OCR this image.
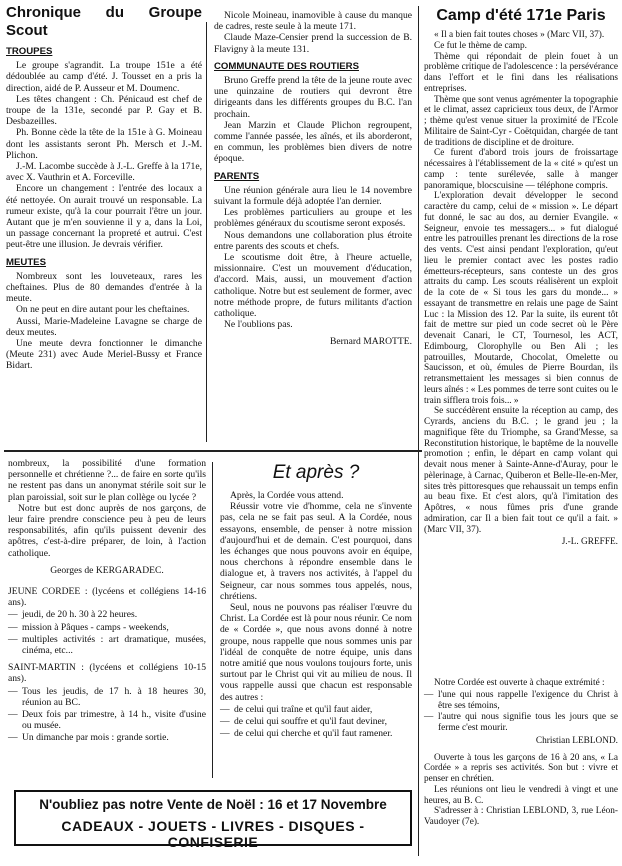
Chronique du Groupe Scout
TROUPES

Le groupe s'agrandit. La troupe 151e a été dédoublée au camp d'été. J. Tousset en a pris la direction, aidé de P. Ausseur et M. Doumenc.

Les têtes changent : Ch. Pénicaud est chef de troupe de la 131e, secondé par P. Gay et B. Desbazeilles.

Ph. Bonne cède la tête de la 151e à G. Moineau dont les assistants seront Ph. Mersch et J.-M. Plichon.

J.-M. Lacombe succède à J.-L. Greffe à la 171e, avec X. Vauthrin et A. Forceville.

Encore un changement : l'entrée des locaux a été nettoyée. On aurait trouvé un responsable. La rumeur existe, qu'à la cour pourrait l'être un jour. Autant que je m'en souvienne il y a, dans la Loi, un passage concernant la propreté et autrui. C'est peut-être une illusion. Je devrais vérifier.

MEUTES

Nombreux sont les louveteaux, rares les cheftaines. Plus de 80 demandes d'entrée à la meute.

On ne peut en dire autant pour les cheftaines.

Aussi, Marie-Madeleine Lavagne se charge de deux meutes.

Une meute devra fonctionner le dimanche (Meute 231) avec Aude Meriel-Bussy et France Bidart.

Nicole Moineau, inamovible à cause du manque de cadres, reste seule à la meute 171.

Claude Maze-Censier prend la succession de B. Flavigny à la meute 131.

COMMUNAUTE DES ROUTIERS

Bruno Greffe prend la tête de la jeune route avec une quinzaine de routiers qui devront être dirigeants dans les différents groupes du B.C. l'an prochain.

Jean Marzin et Claude Plichon regroupent, comme l'année passée, les aînés, et ils aborderont, en commun, les problèmes bien divers de notre époque.

PARENTS

Une réunion générale aura lieu le 14 novembre suivant la formule déjà adoptée l'an dernier.

Les problèmes particuliers au groupe et les problèmes généraux du scoutisme seront exposés.

Nous demandons une collaboration plus étroite entre parents des scouts et chefs.

Le scoutisme doit être, à l'heure actuelle, missionnaire. C'est un mouvement d'éducation, d'accord. Mais, aussi, un mouvement d'action catholique. Notre but est seulement de former, avec notre méthode propre, de futurs militants d'action catholique.

Ne l'oublions pas.

Bernard MAROTTE.
Camp d'été 171e Paris

« Il a bien fait toutes choses » (Marc VII, 37).

Ce fut le thème de camp.

Thème qui répondait de plein fouet à un problème critique de l'adolescence : la persévérance dans l'effort et le fini dans les réalisations entreprises.

Thème que sont venus agrémenter la topographie et le climat, assez capricieux tous deux, de l'Armor ; thème qu'est venue situer la proximité de l'Ecole Militaire de Saint-Cyr - Coëtquidan, chargée de tant de traditions de discipline et de droiture.

Ce furent d'abord trois jours de froissartage nécessaires à l'établissement de la « cité » qu'est un camp : tente surélevée, salle à manger panoramique, blocscuisine — téléphone compris.

L'exploration devait développer le second caractère du camp, celui de « mission ». Le départ fut donné, le sac au dos, au dernier Evangile. « Seigneur, envoie tes messagers... » fut dialogué entre les patrouilles prenant les directions de la rose des vents. C'est ainsi pendant l'exploration, qu'eut lieu le premier contact avec les postes radio émetteurs-récepteurs, sans conteste un des gros attraits du camp. Les scouts réalisèrent un exploit de la cote de « Si tous les gars du monde... » essayant de transmettre en relais une page de Saint Luc : la Mission des 12. Par la suite, ils eurent tôt fait de mettre sur pied un code secret où le Père devenait Canari, le CT, Tournesol, les ACT, Edimbourg, Clorophylle ou Ben Ali ; les patrouilles, Moutarde, Chocolat, Omelette ou Saucisson, et où, émules de Pierre Bourdan, ils retransmettaient les messages si bien connus de leurs aînés : « Les pommes de terre sont cuites ou le train sifflera trois fois... »

Se succédèrent ensuite la réception au camp, des Cyrards, anciens du B.C. ; le grand jeu ; la magnifique fête du Triomphe, sa Grand'Messe, sa Reconstitution historique, le baptême de la nouvelle promotion ; enfin, le départ en camp volant qui devait nous mener à Sainte-Anne-d'Auray, pour le pèlerinage, à Carnac, Quiberon et Belle-Ile-en-Mer, sites très pittoresques que rehaussait un temps enfin au beau fixe. Et c'est alors, qu'à l'imitation des Apôtres, « nous fûmes pris d'une grande admiration, car Il a bien fait tout ce qu'il a fait. » (Marc VII, 37).

J.-L. GREFFE.

nombreux, la possibilité d'une formation personnelle et chrétienne ?... de faire en sorte qu'ils ne restent pas dans un anonymat stérile soit sur le plan paroissial, soit sur le plan collège ou lycée ?

Notre but est donc auprès de nos garçons, de leur faire prendre conscience peu à peu de leurs responsabilités, afin qu'ils puissent devenir des apôtres, c'est-à-dire préparer, de loin, à l'action catholique.

Georges de KERGARADEC.
JEUNE CORDEE : (lycéens et collégiens 14-16 ans).
— jeudi, de 20 h. 30 à 22 heures.
— mission à Pâques - camps - weekends,
— multiples activités : art dramatique, musées, cinéma, etc...
SAINT-MARTIN : (lycéens et collégiens 10-15 ans).
— Tous les jeudis, de 17 h. à 18 heures 30, réunion au BC.
— Deux fois par trimestre, à 14 h., visite d'usine ou musée.
— Un dimanche par mois : grande sortie.
Et après ?

Après, la Cordée vous attend.

Réussir votre vie d'homme, cela ne s'invente pas, cela ne se fait pas seul. A la Cordée, nous essayons, ensemble, de penser à notre mission d'aujourd'hui et de demain. C'est pourquoi, dans les échanges que nous pouvons avoir en équipe, nous cherchons à répondre ensemble dans le dialogue et, à travers nos activités, à l'appel du Seigneur, car nous sommes tous appelés, nous, chrétiens.

Seul, nous ne pouvons pas réaliser l'œuvre du Christ. La Cordée est là pour nous réunir. Ce nom de « Cordée », que nous avons donné à notre groupe, nous rappelle que nous sommes unis par l'idéal de conquête de notre équipe, unis dans notre amitié que nous voulons toujours forte, unis surtout par le Christ qui vit au milieu de nous. Il vous rappelle aussi que chacun est responsable des autres :

— de celui qui traîne et qu'il faut aider,
— de celui qui souffre et qu'il faut deviner,
— de celui qui cherche et qu'il faut ramener.

Notre Cordée est ouverte à chaque extrémité :

— l'une qui nous rappelle l'exigence du Christ à être ses témoins,
— l'autre qui nous signifie tous les jours que se ferme c'est mourir.
Christian LEBLOND.

Ouverte à tous les garçons de 16 à 20 ans, « La Cordée » a repris ses activités. Son but : vivre et penser en chrétien.

Les réunions ont lieu le vendredi à vingt et une heures, au B. C.

S'adresser à : Christian LEBLOND, 3, rue Léon-Vaudoyer (7e).

N'oubliez pas notre Vente de Noël : 16 et 17 Novembre
CADEAUX - JOUETS - LIVRES - DISQUES - CONFISERIE
